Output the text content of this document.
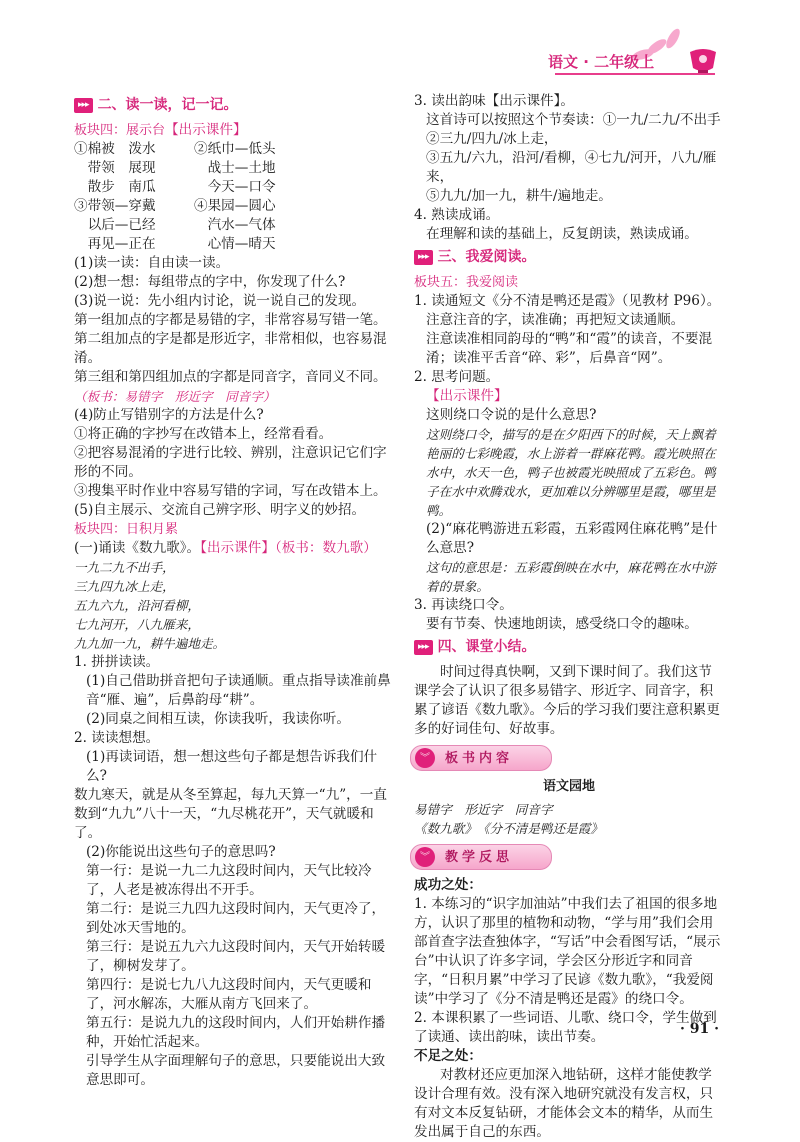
语文 · 二年级上
▸▸▸ 二、读一读，记一记。

板块四：展示台【出示课件】

①棉被　泼水	②纸巾—低头
　带领　展现	　战士—土地
　散步　南瓜	　今天—口令
③带领—穿戴	④果园—圆心
　以后—已经	　汽水—气体
　再见—正在	　心情—晴天

(1)读一读：自由读一读。

(2)想一想：每组带点的字中，你发现了什么?

(3)说一说：先小组内讨论，说一说自己的发现。

第一组加点的字都是易错的字，非常容易写错一笔。

第二组加点的字是都是形近字，非常相似，也容易混淆。

第三组和第四组加点的字都是同音字，音同义不同。

（板书：易错字　形近字　同音字）

(4)防止写错别字的方法是什么?

①将正确的字抄写在改错本上，经常看看。

②把容易混淆的字进行比较、辨别，注意识记它们字形的不同。

③搜集平时作业中容易写错的字词，写在改错本上。

(5)自主展示、交流自己辨字形、明字义的妙招。

板块四：日积月累

(一)诵读《数九歌》。【出示课件】（板书：数九歌）

一九二九不出手，

三九四九冰上走，

五九六九，沿河看柳，

七九河开，八九雁来，

九九加一九，耕牛遍地走。

1. 拼拼读读。

(1)自己借助拼音把句子读通顺。重点指导读准前鼻音“雁、遍”，后鼻韵母“耕”。

(2)同桌之间相互读，你读我听，我读你听。

2. 读读想想。

(1)再读词语，想一想这些句子都是想告诉我们什么?

数九寒天，就是从冬至算起，每九天算一“九”，一直数到“九九”八十一天，“九尽桃花开”，天气就暖和了。

(2)你能说出这些句子的意思吗?

第一行：是说一九二九这段时间内，天气比较冷了，人老是被冻得出不开手。

第二行：是说三九四九这段时间内，天气更冷了，到处冰天雪地的。

第三行：是说五九六九这段时间内，天气开始转暖了，柳树发芽了。

第四行：是说七九八九这段时间内，天气更暖和了，河水解冻，大雁从南方飞回来了。

第五行：是说九九的这段时间内，人们开始耕作播种，开始忙活起来。

引导学生从字面理解句子的意思，只要能说出大致意思即可。

3. 读出韵味【出示课件】。

这首诗可以按照这个节奏读：①一九/二九/不出手

②三九/四九/冰上走，

③五九/六九，沿河/看柳，④七九/河开，八九/雁来，

⑤九九/加一九，耕牛/遍地走。

4. 熟读成诵。

在理解和读的基础上，反复朗读，熟读成诵。

▸▸▸ 三、我爱阅读。

板块五：我爱阅读

1. 读通短文《分不清是鸭还是霞》（见教材 P96）。

注意注音的字，读准确；再把短文读通顺。

注意读准相同韵母的“鸭”和“霞”的读音，不要混淆；读准平舌音“碎、彩”，后鼻音“网”。

2. 思考问题。

【出示课件】

这则绕口令说的是什么意思?

这则绕口令，描写的是在夕阳西下的时候，天上飘着艳丽的七彩晚霞，水上游着一群麻花鸭。霞光映照在水中，水天一色，鸭子也被霞光映照成了五彩色。鸭子在水中欢腾戏水，更加难以分辨哪里是霞，哪里是鸭。

(2)“麻花鸭游进五彩霞，五彩霞网住麻花鸭”是什么意思?

这句的意思是：五彩霞倒映在水中，麻花鸭在水中游着的景象。

3. 再读绕口令。

要有节奏、快速地朗读，感受绕口令的趣味。

▸▸▸ 四、课堂小结。

时间过得真快啊，又到下课时间了。我们这节课学会了认识了很多易错字、形近字、同音字，积累了谚语《数九歌》。今后的学习我们要注意积累更多的好词佳句、好故事。

︾	板书内容

语文园地

易错字　形近字　同音字

《数九歌》　《分不清是鸭还是霞》

︾	教学反思

成功之处：

1. 本练习的“识字加油站”中我们去了祖国的很多地方，认识了那里的植物和动物，“学与用”我们会用部首查字法查独体字，“写话”中会看图写话，“展示台”中认识了许多字词，学会区分形近字和同音字，“日积月累”中学习了民谚《数九歌》，“我爱阅读”中学习了《分不清是鸭还是霞》的绕口令。

2. 本课积累了一些词语、儿歌、绕口令，学生做到了读通、读出韵味，读出节奏。

不足之处：

对教材还应更加深入地钻研，这样才能使教学设计合理有效。没有深入地研究就没有发言权，只有对文本反复钻研，才能体会文本的精华，从而生发出属于自己的东西。

· 91 ·
